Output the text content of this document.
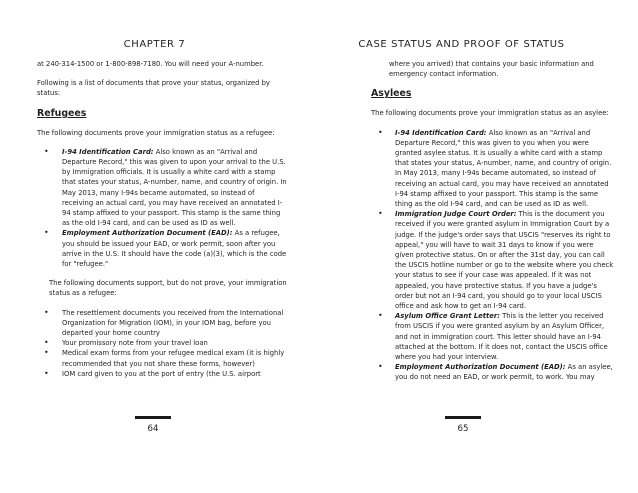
CHAPTER 7

at 240-314-1500 or 1-800-898-7180. You will need your A-number.

Following is a list of documents that prove your status, organized by status:

Refugees

The following documents prove your immigration status as a refugee:

• I-94 Identification Card: Also known as an "Arrival and Departure Record," this was given to upon your arrival to the U.S. by Immigration officials. It is usually a white card with a stamp that states your status, A-number, name, and country of origin. In May 2013, many I-94s became automated, so instead of receiving an actual card, you may have received an annotated I-94 stamp affixed to your passport. This stamp is the same thing as the old I-94 card, and can be used as ID as well.
• Employment Authorization Document (EAD): As a refugee, you should be issued your EAD, or work permit, soon after you arrive in the U.S. It should have the code (a)(3), which is the code for "refugee."

The following documents support, but do not prove, your immigration status as a refugee:

• The resettlement documents you received from the International Organization for Migration (IOM), in your IOM bag, before you departed your home country
• Your promissory note from your travel loan
• Medical exam forms from your refugee medical exam (it is highly recommended that you not share these forms, however)
• IOM card given to you at the port of entry (the U.S. airport
64
CASE STATUS AND PROOF OF STATUS

where you arrived) that contains your basic information and emergency contact information.

Asylees

The following documents prove your immigration status as an asylee:

• I-94 Identification Card: Also known as an "Arrival and Departure Record," this was given to you when you were granted asylee status. It is usually a white card with a stamp that states your status, A-number, name, and country of origin. In May 2013, many I-94s became automated, so instead of receiving an actual card, you may have received an annotated I-94 stamp affixed to your passport. This stamp is the same thing as the old I-94 card, and can be used as ID as well.
• Immigration Judge Court Order: This is the document you received if you were granted asylum in Immigration Court by a judge. If the judge's order says that USCIS "reserves its right to appeal," you will have to wait 31 days to know if you were given protective status. On or after the 31st day, you can call the USCIS hotline number or go to the website where you check your status to see if your case was appealed. If it was not appealed, you have protective status. If you have a judge's order but not an I-94 card, you should go to your local USCIS office and ask how to get an I-94 card.
• Asylum Office Grant Letter: This is the letter you received from USCIS if you were granted asylum by an Asylum Officer, and not in immigration court. This letter should have an I-94 attached at the bottom. If it does not, contact the USCIS office where you had your interview.
• Employment Authorization Document (EAD): As an asylee, you do not need an EAD, or work permit, to work. You may
65
